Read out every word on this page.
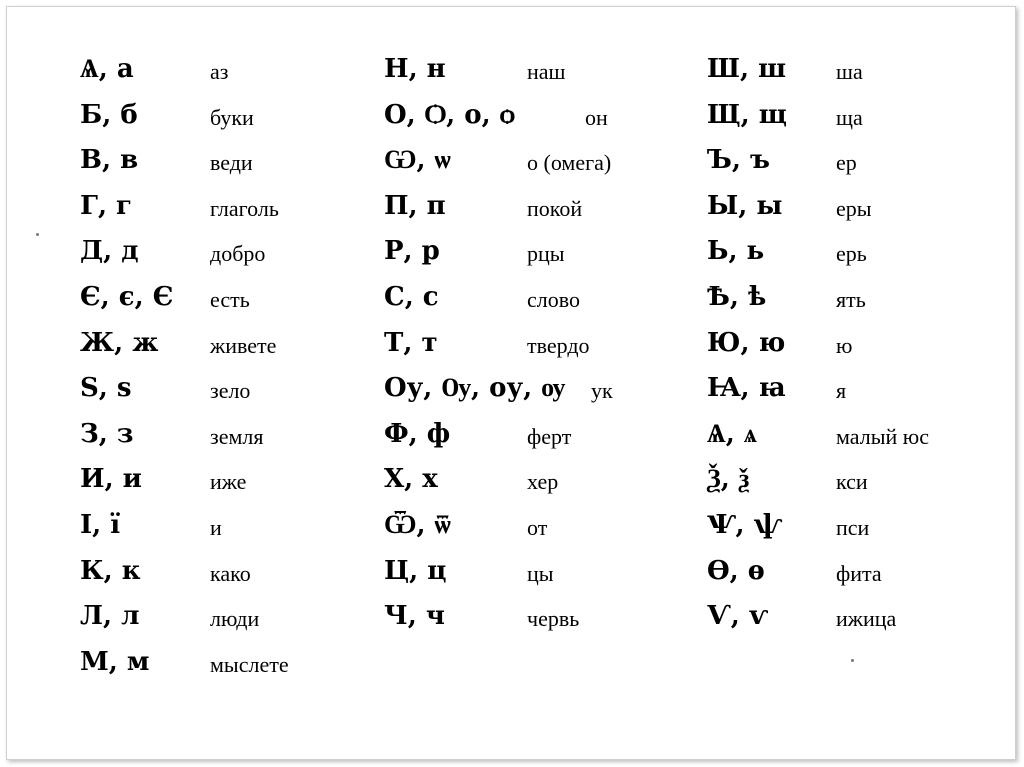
Ѧ, а	аз
Б, б	буки
В, в	веди
Г, г	глаголь
Д, д	добро
Є, є, Є есть
Ж, ж живете
Ѕ, ѕ	зело
З, з	земля
И, и	иже
І, ї	и
К, к	како
Л, л	люди
М, м	мыслете
Н, н	наш
О, Ѻ, о, ѻ	он
Ѡ, ѡ	о (омега)
П, п	покой
Р, р	рцы
С, с	слово
Т, т	твердо
Оу, Ѹ, оу, ѹ ук
Ф, ф	ферт
Х, х	хер
Ѿ, ѿ	от
Ц, ц	цы
Ч, ч	червь
Ш, ш ша
Щ, щ ща
Ъ, ъ	ер
Ы, ы еры
Ь, ь	ерь
Ѣ, ѣ	ять
Ю, ю ю
Ꙗ, ꙗ я
Ѧ, ѧ	малый юс
Ѯ, ѯ	кси
Ѱ, ѱ пси
Ѳ, ѳ	фита
Ѵ, ѵ	ижица
